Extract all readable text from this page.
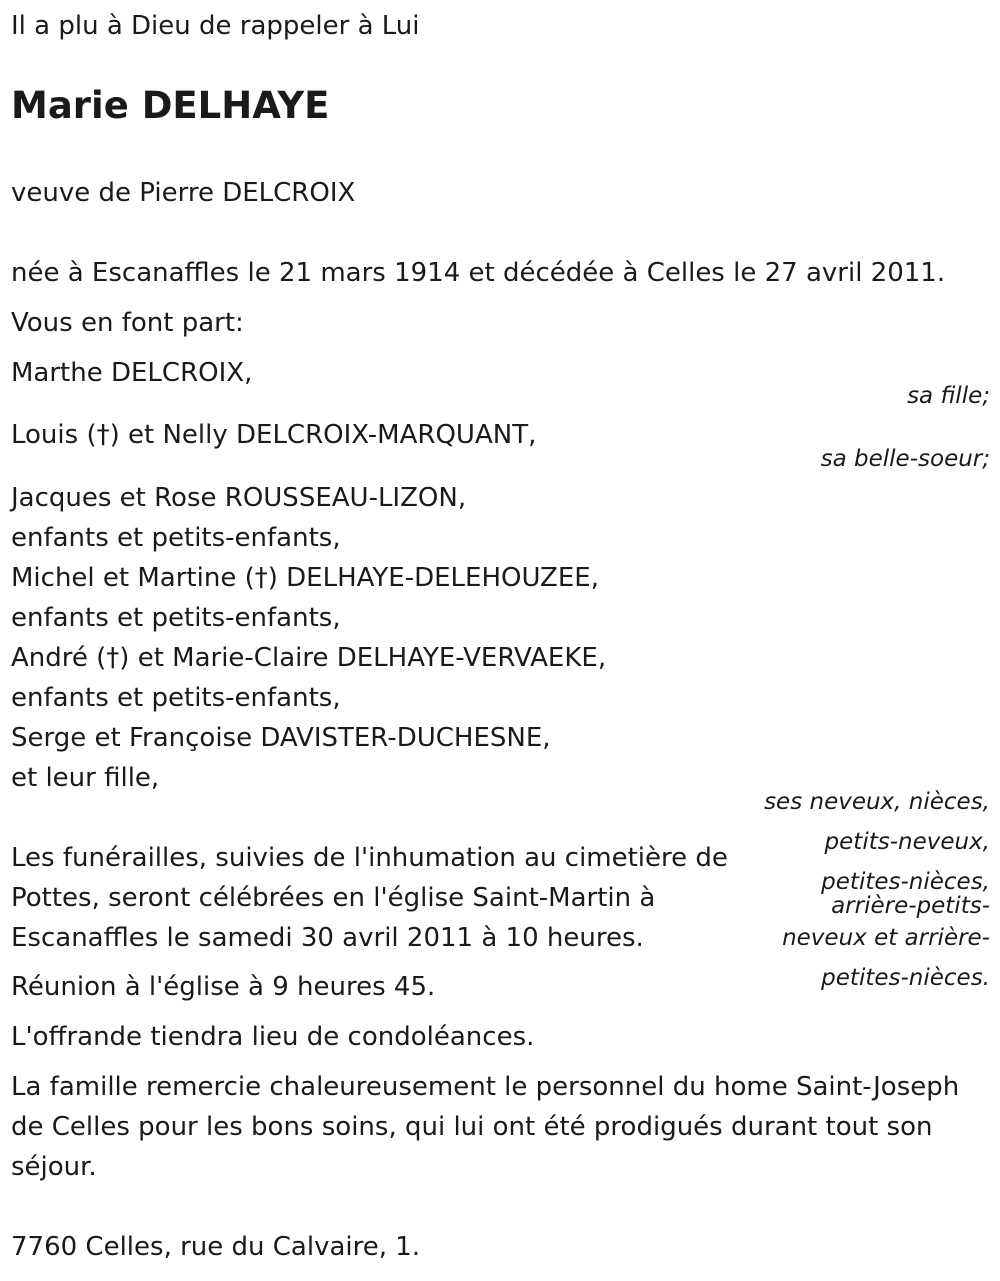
Il a plu à Dieu de rappeler à Lui

Marie DELHAYE

veuve de Pierre DELCROIX

née à Escanaffles le 21 mars 1914 et décédée à Celles le 27 avril 2011.

Vous en font part:

Marthe DELCROIX,

sa fille;

Louis (†) et Nelly DELCROIX-MARQUANT,

sa belle-soeur;
Jacques et Rose ROUSSEAU-LIZON,
enfants et petits-enfants,
Michel et Martine (†) DELHAYE-DELEHOUZEE,
enfants et petits-enfants,
André (†) et Marie-Claire DELHAYE-VERVAEKE,
enfants et petits-enfants,
Serge et Françoise DAVISTER-DUCHESNE,
et leur fille,
ses neveux, nièces,
petits-neveux,
petites-nièces,
arrière-petits-
neveux et arrière-
petites-nièces.
Les funérailles, suivies de l'inhumation au cimetière de
Pottes, seront célébrées en l'église Saint-Martin à
Escanaffles le samedi 30 avril 2011 à 10 heures.

Réunion à l'église à 9 heures 45.

L'offrande tiendra lieu de condoléances.

La famille remercie chaleureusement le personnel du home Saint-Joseph
de Celles pour les bons soins, qui lui ont été prodigués durant tout son
séjour.

7760 Celles, rue du Calvaire, 1.
